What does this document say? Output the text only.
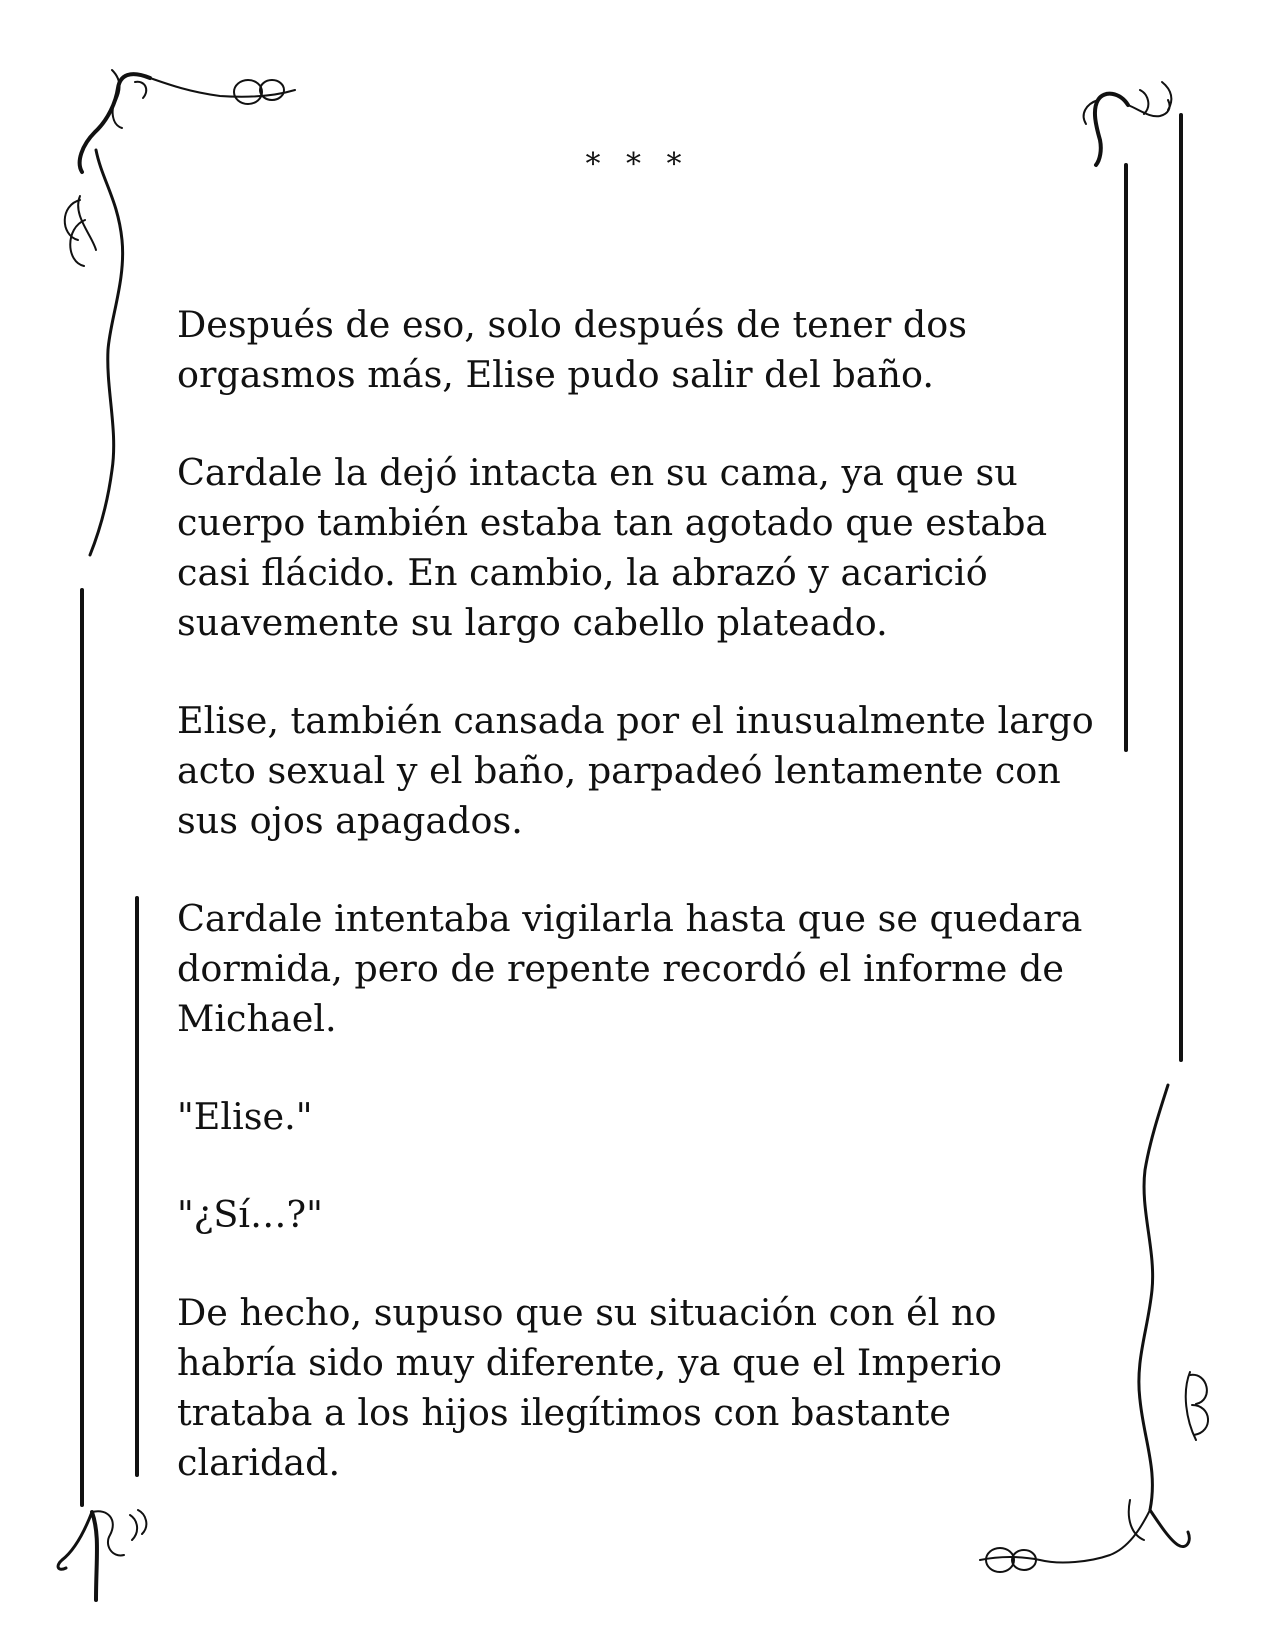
* * *

Después de eso, solo después de tener dos orgasmos más, Elise pudo salir del baño.

Cardale la dejó intacta en su cama, ya que su cuerpo también estaba tan agotado que estaba casi flácido. En cambio, la abrazó y acarició suavemente su largo cabello plateado.

Elise, también cansada por el inusualmente largo acto sexual y el baño, parpadeó lentamente con sus ojos apagados.

Cardale intentaba vigilarla hasta que se quedara dormida, pero de repente recordó el informe de Michael.

"Elise."

"¿Sí…?"

De hecho, supuso que su situación con él no habría sido muy diferente, ya que el Imperio trataba a los hijos ilegítimos con bastante claridad.
